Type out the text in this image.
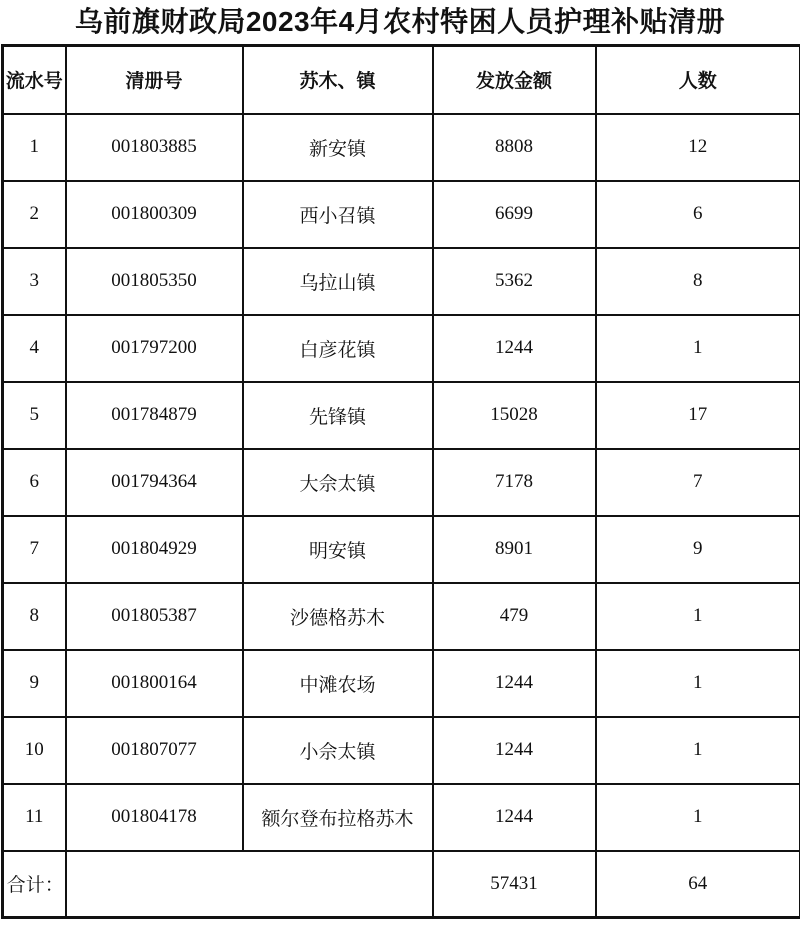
乌前旗财政局2023年4月农村特困人员护理补贴清册
流水号	清册号	苏木、镇	发放金额	人数
1	001803885	新安镇	8808	12
2	001800309	西小召镇	6699	6
3	001805350	乌拉山镇	5362	8
4	001797200	白彦花镇	1244	1
5	001784879	先锋镇	15028	17
6	001794364	大佘太镇	7178	7
7	001804929	明安镇	8901	9
8	001805387	沙德格苏木	479	1
9	001800164	中滩农场	1244	1
10	001807077	小佘太镇	1244	1
11	001804178	额尔登布拉格苏木	1244	1
合计：			57431	64
